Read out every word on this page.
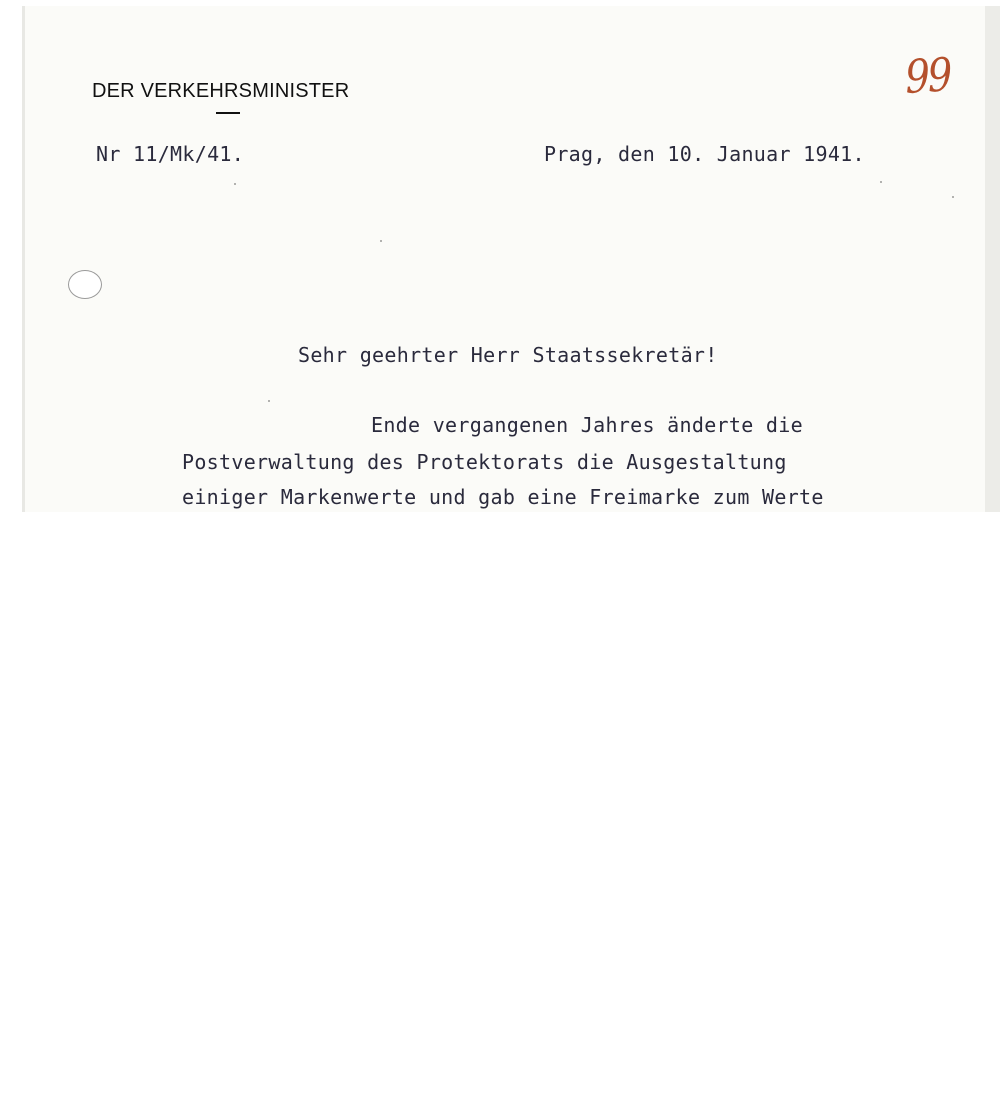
DER VERKEHRSMINISTER	99
Nr 11/Mk/41.	Prag, den 10. Januar 1941.
Sehr geehrter Herr Staatssekretär!
Ende vergangenen Jahres änderte die
Postverwaltung des Protektorats die Ausgestaltung
einiger Markenwerte und gab eine Freimarke zum Werte
